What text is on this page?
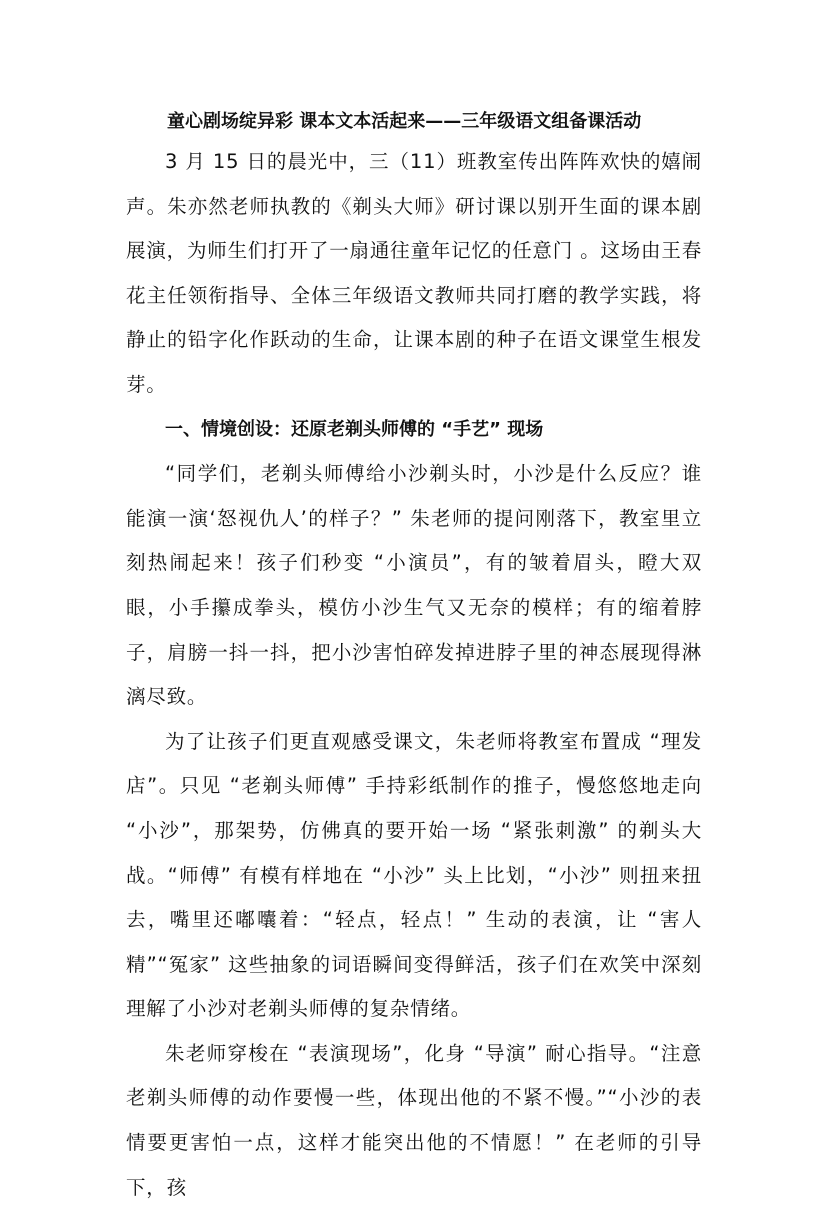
童心剧场绽异彩 课本文本活起来——三年级语文组备课活动

3 月 15 日的晨光中，三（11）班教室传出阵阵欢快的嬉闹声。朱亦然老师执教的《剃头大师》研讨课以别开生面的课本剧展演，为师生们打开了一扇通往童年记忆的任意门 。这场由王春花主任领衔指导、全体三年级语文教师共同打磨的教学实践，将静止的铅字化作跃动的生命，让课本剧的种子在语文课堂生根发芽。

一、情境创设：还原老剃头师傅的 “手艺” 现场

“同学们，老剃头师傅给小沙剃头时，小沙是什么反应？谁能演一演‘怒视仇人’的样子？” 朱老师的提问刚落下，教室里立刻热闹起来！孩子们秒变 “小演员”，有的皱着眉头，瞪大双眼，小手攥成拳头，模仿小沙生气又无奈的模样；有的缩着脖子，肩膀一抖一抖，把小沙害怕碎发掉进脖子里的神态展现得淋漓尽致。

为了让孩子们更直观感受课文，朱老师将教室布置成 “理发店”。只见 “老剃头师傅” 手持彩纸制作的推子，慢悠悠地走向 “小沙”，那架势，仿佛真的要开始一场 “紧张刺激” 的剃头大战。“师傅” 有模有样地在 “小沙” 头上比划，“小沙” 则扭来扭去，嘴里还嘟囔着：“轻点，轻点！” 生动的表演，让 “害人精”“冤家” 这些抽象的词语瞬间变得鲜活，孩子们在欢笑中深刻理解了小沙对老剃头师傅的复杂情绪。

朱老师穿梭在 “表演现场”，化身 “导演” 耐心指导。“注意老剃头师傅的动作要慢一些，体现出他的不紧不慢。”“小沙的表情要更害怕一点，这样才能突出他的不情愿！” 在老师的引导下，孩
